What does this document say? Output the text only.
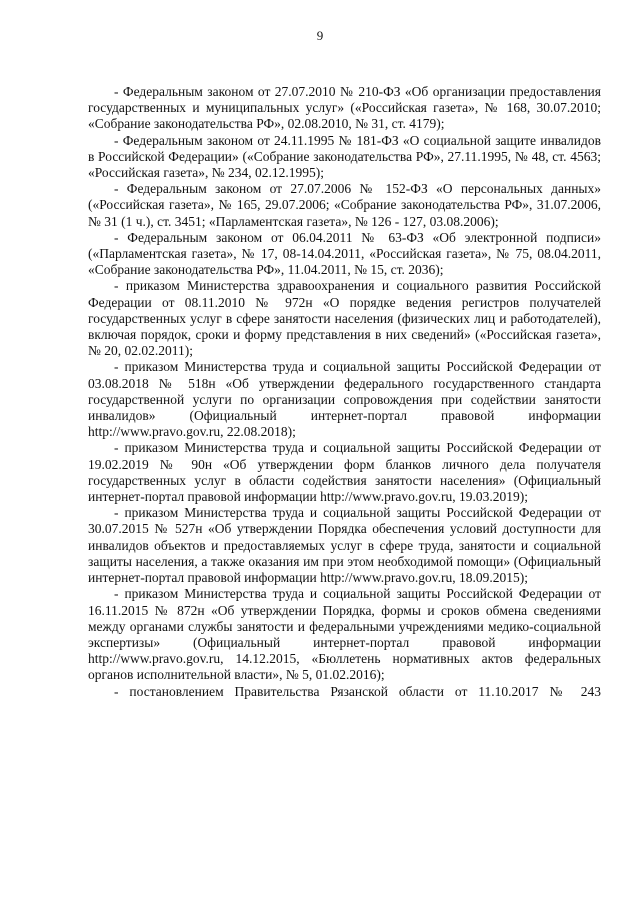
9

- Федеральным законом от 27.07.2010 № 210-ФЗ «Об организации предоставления государственных и муниципальных услуг» («Российская газета», № 168, 30.07.2010; «Собрание законодательства РФ», 02.08.2010, № 31, ст. 4179);

- Федеральным законом от 24.11.1995 № 181-ФЗ «О социальной защите инвалидов в Российской Федерации» («Собрание законодательства РФ», 27.11.1995, № 48, ст. 4563; «Российская газета», № 234, 02.12.1995);

- Федеральным законом от 27.07.2006 № 152-ФЗ «О персональных данных» («Российская газета», № 165, 29.07.2006; «Собрание законодательства РФ», 31.07.2006, № 31 (1 ч.), ст. 3451; «Парламентская газета», № 126 - 127, 03.08.2006);

- Федеральным законом от 06.04.2011 № 63-ФЗ «Об электронной подписи» («Парламентская газета», № 17, 08-14.04.2011, «Российская газета», № 75, 08.04.2011, «Собрание законодательства РФ», 11.04.2011, № 15, ст. 2036);

- приказом Министерства здравоохранения и социального развития Российской Федерации от 08.11.2010 № 972н «О порядке ведения регистров получателей государственных услуг в сфере занятости населения (физических лиц и работодателей), включая порядок, сроки и форму представления в них сведений» («Российская газета», № 20, 02.02.2011);

- приказом Министерства труда и социальной защиты Российской Федерации от 03.08.2018 № 518н «Об утверждении федерального государственного стандарта государственной услуги по организации сопровождения при содействии занятости инвалидов» (Официальный интернет-портал правовой информации http://www.pravo.gov.ru, 22.08.2018);

- приказом Министерства труда и социальной защиты Российской Федерации от 19.02.2019 № 90н «Об утверждении форм бланков личного дела получателя государственных услуг в области содействия занятости населения» (Официальный интернет-портал правовой информации http://www.pravo.gov.ru, 19.03.2019);

- приказом Министерства труда и социальной защиты Российской Федерации от 30.07.2015 № 527н «Об утверждении Порядка обеспечения условий доступности для инвалидов объектов и предоставляемых услуг в сфере труда, занятости и социальной защиты населения, а также оказания им при этом необходимой помощи» (Официальный интернет-портал правовой информации http://www.pravo.gov.ru, 18.09.2015);

- приказом Министерства труда и социальной защиты Российской Федерации от 16.11.2015 № 872н «Об утверждении Порядка, формы и сроков обмена сведениями между органами службы занятости и федеральными учреждениями медико-социальной экспертизы» (Официальный интернет-портал правовой информации http://www.pravo.gov.ru, 14.12.2015, «Бюллетень нормативных актов федеральных органов исполнительной власти», № 5, 01.02.2016);

- постановлением Правительства Рязанской области от 11.10.2017 № 243
